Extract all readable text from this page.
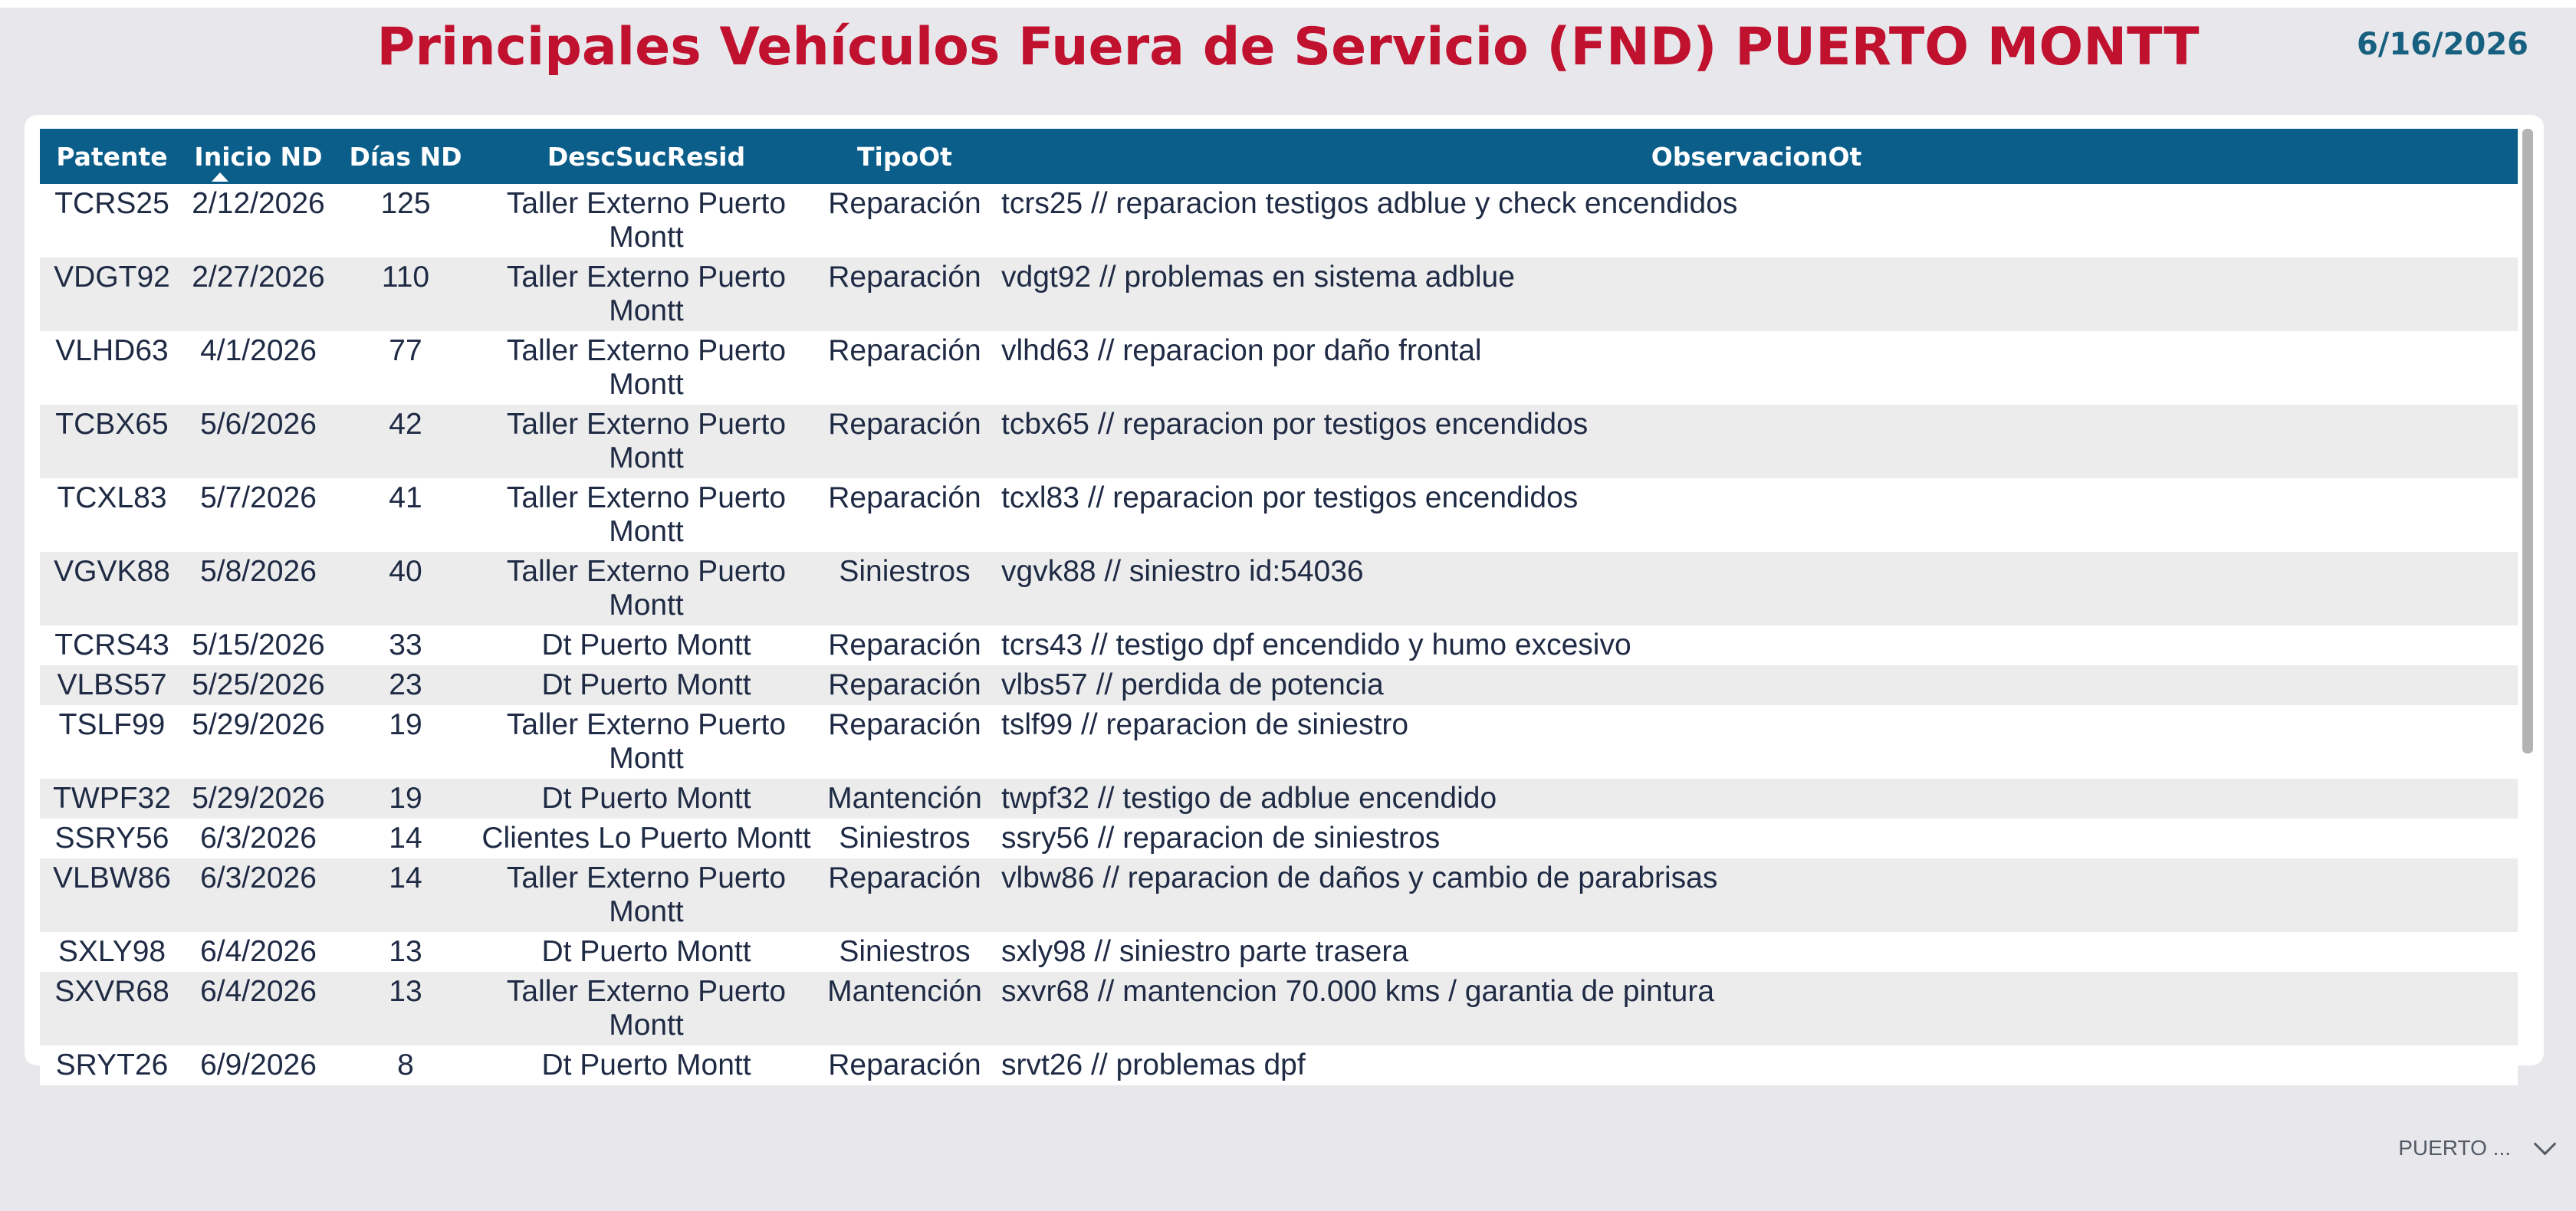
Principales Vehículos Fuera de Servicio (FND) PUERTO MONTT	6/16/2026
Patente	Inicio ND	Días ND	DescSucResid	TipoOt	ObservacionOt
TCRS25	2/12/2026	125	Taller Externo Puerto Montt	Reparación	tcrs25 // reparacion testigos adblue y check encendidos
VDGT92	2/27/2026	110	Taller Externo Puerto Montt	Reparación	vdgt92 // problemas en sistema adblue
VLHD63	4/1/2026	77	Taller Externo Puerto Montt	Reparación	vlhd63 // reparacion por daño frontal
TCBX65	5/6/2026	42	Taller Externo Puerto Montt	Reparación	tcbx65 // reparacion por testigos encendidos
TCXL83	5/7/2026	41	Taller Externo Puerto Montt	Reparación	tcxl83 // reparacion por testigos encendidos
VGVK88	5/8/2026	40	Taller Externo Puerto Montt	Siniestros	vgvk88 // siniestro id:54036
TCRS43	5/15/2026	33	Dt Puerto Montt	Reparación	tcrs43 // testigo dpf encendido y humo excesivo
VLBS57	5/25/2026	23	Dt Puerto Montt	Reparación	vlbs57 // perdida de potencia
TSLF99	5/29/2026	19	Taller Externo Puerto Montt	Reparación	tslf99 // reparacion de siniestro
TWPF32	5/29/2026	19	Dt Puerto Montt	Mantención	twpf32 // testigo de adblue encendido
SSRY56	6/3/2026	14	Clientes Lo Puerto Montt	Siniestros	ssry56 // reparacion de siniestros
VLBW86	6/3/2026	14	Taller Externo Puerto Montt	Reparación	vlbw86 // reparacion de daños y cambio de parabrisas
SXLY98	6/4/2026	13	Dt Puerto Montt	Siniestros	sxly98 // siniestro parte trasera
SXVR68	6/4/2026	13	Taller Externo Puerto Montt	Mantención	sxvr68 // mantencion 70.000 kms / garantia de pintura
SRYT26	6/9/2026	8	Dt Puerto Montt	Reparación	srvt26 // problemas dpf
PUERTO ...
